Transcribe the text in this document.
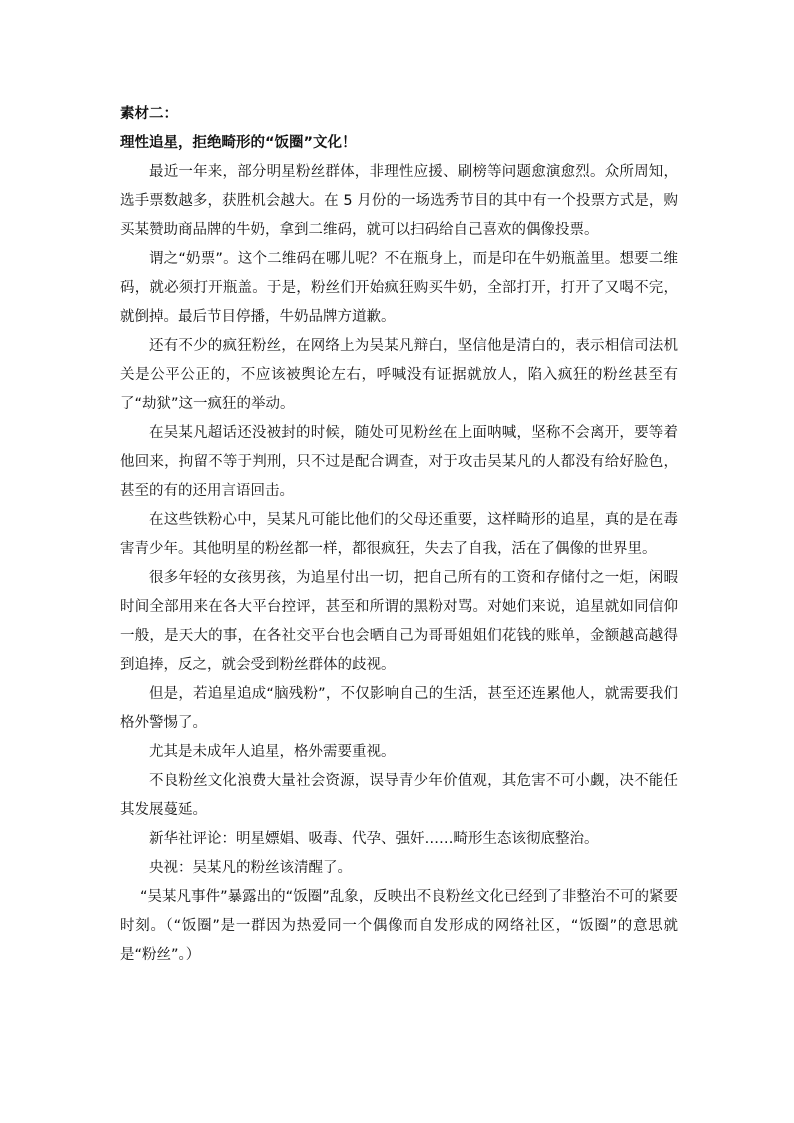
素材二：

理性追星，拒绝畸形的“饭圈”文化！

最近一年来，部分明星粉丝群体，非理性应援、刷榜等问题愈演愈烈。众所周知，选手票数越多，获胜机会越大。在 5 月份的一场选秀节目的其中有一个投票方式是，购买某赞助商品牌的牛奶，拿到二维码，就可以扫码给自己喜欢的偶像投票。

谓之“奶票”。这个二维码在哪儿呢？不在瓶身上，而是印在牛奶瓶盖里。想要二维码，就必须打开瓶盖。于是，粉丝们开始疯狂购买牛奶，全部打开，打开了又喝不完，就倒掉。最后节目停播，牛奶品牌方道歉。

还有不少的疯狂粉丝，在网络上为吴某凡辩白，坚信他是清白的，表示相信司法机关是公平公正的，不应该被舆论左右，呼喊没有证据就放人，陷入疯狂的粉丝甚至有了“劫狱”这一疯狂的举动。

在吴某凡超话还没被封的时候，随处可见粉丝在上面呐喊，坚称不会离开，要等着他回来，拘留不等于判刑，只不过是配合调查，对于攻击吴某凡的人都没有给好脸色，甚至的有的还用言语回击。

在这些铁粉心中，吴某凡可能比他们的父母还重要，这样畸形的追星，真的是在毒害青少年。其他明星的粉丝都一样，都很疯狂，失去了自我，活在了偶像的世界里。

很多年轻的女孩男孩，为追星付出一切，把自己所有的工资和存储付之一炬，闲暇时间全部用来在各大平台控评，甚至和所谓的黑粉对骂。对她们来说，追星就如同信仰一般，是天大的事，在各社交平台也会晒自己为哥哥姐姐们花钱的账单，金额越高越得到追捧，反之，就会受到粉丝群体的歧视。

但是，若追星追成“脑残粉”，不仅影响自己的生活，甚至还连累他人，就需要我们格外警惕了。

尤其是未成年人追星，格外需要重视。

不良粉丝文化浪费大量社会资源，误导青少年价值观，其危害不可小觑，决不能任其发展蔓延。

新华社评论：明星嫖娼、吸毒、代孕、强奸……畸形生态该彻底整治。

央视：吴某凡的粉丝该清醒了。

“吴某凡事件”暴露出的“饭圈”乱象，反映出不良粉丝文化已经到了非整治不可的紧要时刻。（“饭圈”是一群因为热爱同一个偶像而自发形成的网络社区，“饭圈”的意思就是“粉丝”。）
